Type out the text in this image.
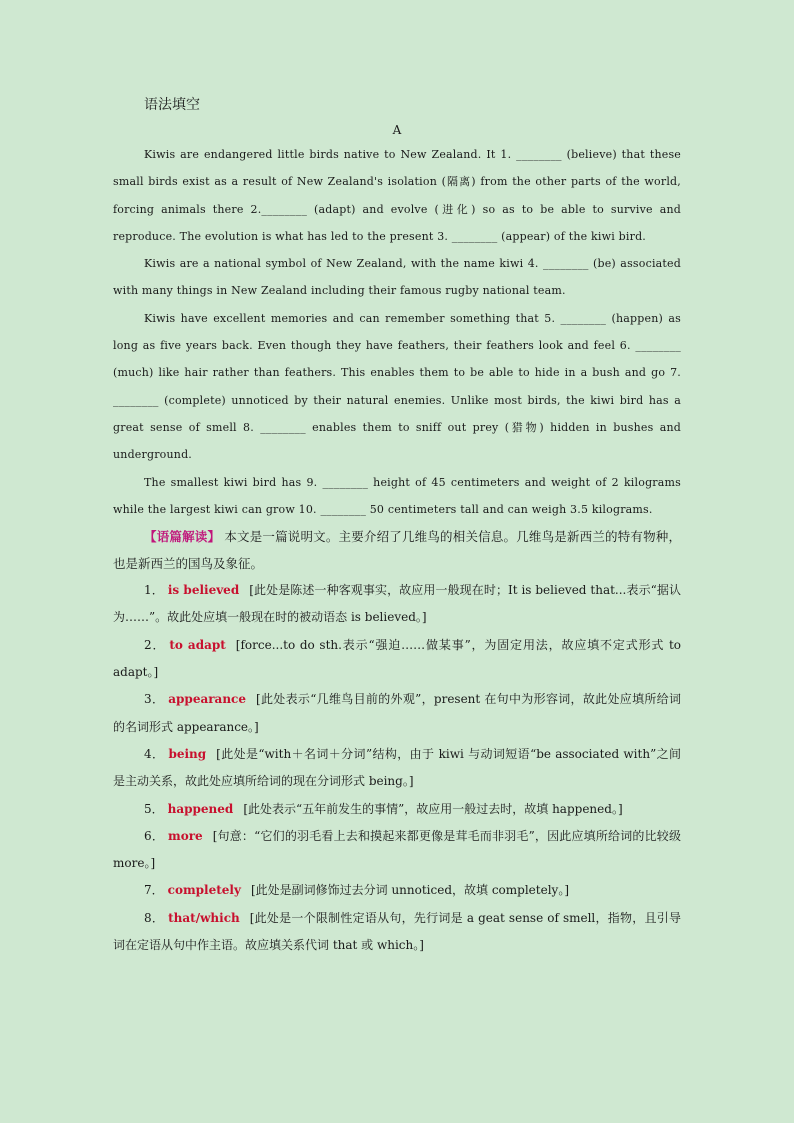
语法填空

A

Kiwis are endangered little birds native to New Zealand. It 1. ________ (believe) that these small birds exist as a result of New Zealand's isolation (隔离) from the other parts of the world, forcing animals there 2.________ (adapt) and evolve (进化) so as to be able to survive and reproduce. The evolution is what has led to the present 3. ________ (appear) of the kiwi bird.

Kiwis are a national symbol of New Zealand, with the name kiwi 4. ________ (be) associated with many things in New Zealand including their famous rugby national team.

Kiwis have excellent memories and can remember something that 5. ________ (happen) as long as five years back. Even though they have feathers, their feathers look and feel 6. ________ (much) like hair rather than feathers. This enables them to be able to hide in a bush and go 7. ________ (complete) unnoticed by their natural enemies. Unlike most birds, the kiwi bird has a great sense of smell 8. ________ enables them to sniff out prey (猎物) hidden in bushes and underground.

The smallest kiwi bird has 9. ________ height of 45 centimeters and weight of 2 kilograms while the largest kiwi can grow 10. ________ 50 centimeters tall and can weigh 3.5 kilograms.

【语篇解读】 本文是一篇说明文。主要介绍了几维鸟的相关信息。几维鸟是新西兰的特有物种，也是新西兰的国鸟及象征。

1． is believed [此处是陈述一种客观事实，故应用一般现在时；It is believed that...表示“据认为……”。故此处应填一般现在时的被动语态 is believed。]

2． to adapt [force...to do sth.表示“强迫……做某事”，为固定用法，故应填不定式形式 to adapt。]

3． appearance [此处表示“几维鸟目前的外观”，present 在句中为形容词，故此处应填所给词的名词形式 appearance。]

4． being [此处是“with＋名词＋分词”结构，由于 kiwi 与动词短语“be associated with”之间是主动关系，故此处应填所给词的现在分词形式 being。]

5． happened [此处表示“五年前发生的事情”，故应用一般过去时，故填 happened。]

6． more [句意：“它们的羽毛看上去和摸起来都更像是茸毛而非羽毛”，因此应填所给词的比较级 more。]

7． completely [此处是副词修饰过去分词 unnoticed，故填 completely。]

8． that/which [此处是一个限制性定语从句，先行词是 a geat sense of smell，指物，且引导词在定语从句中作主语。故应填关系代词 that 或 which。]
